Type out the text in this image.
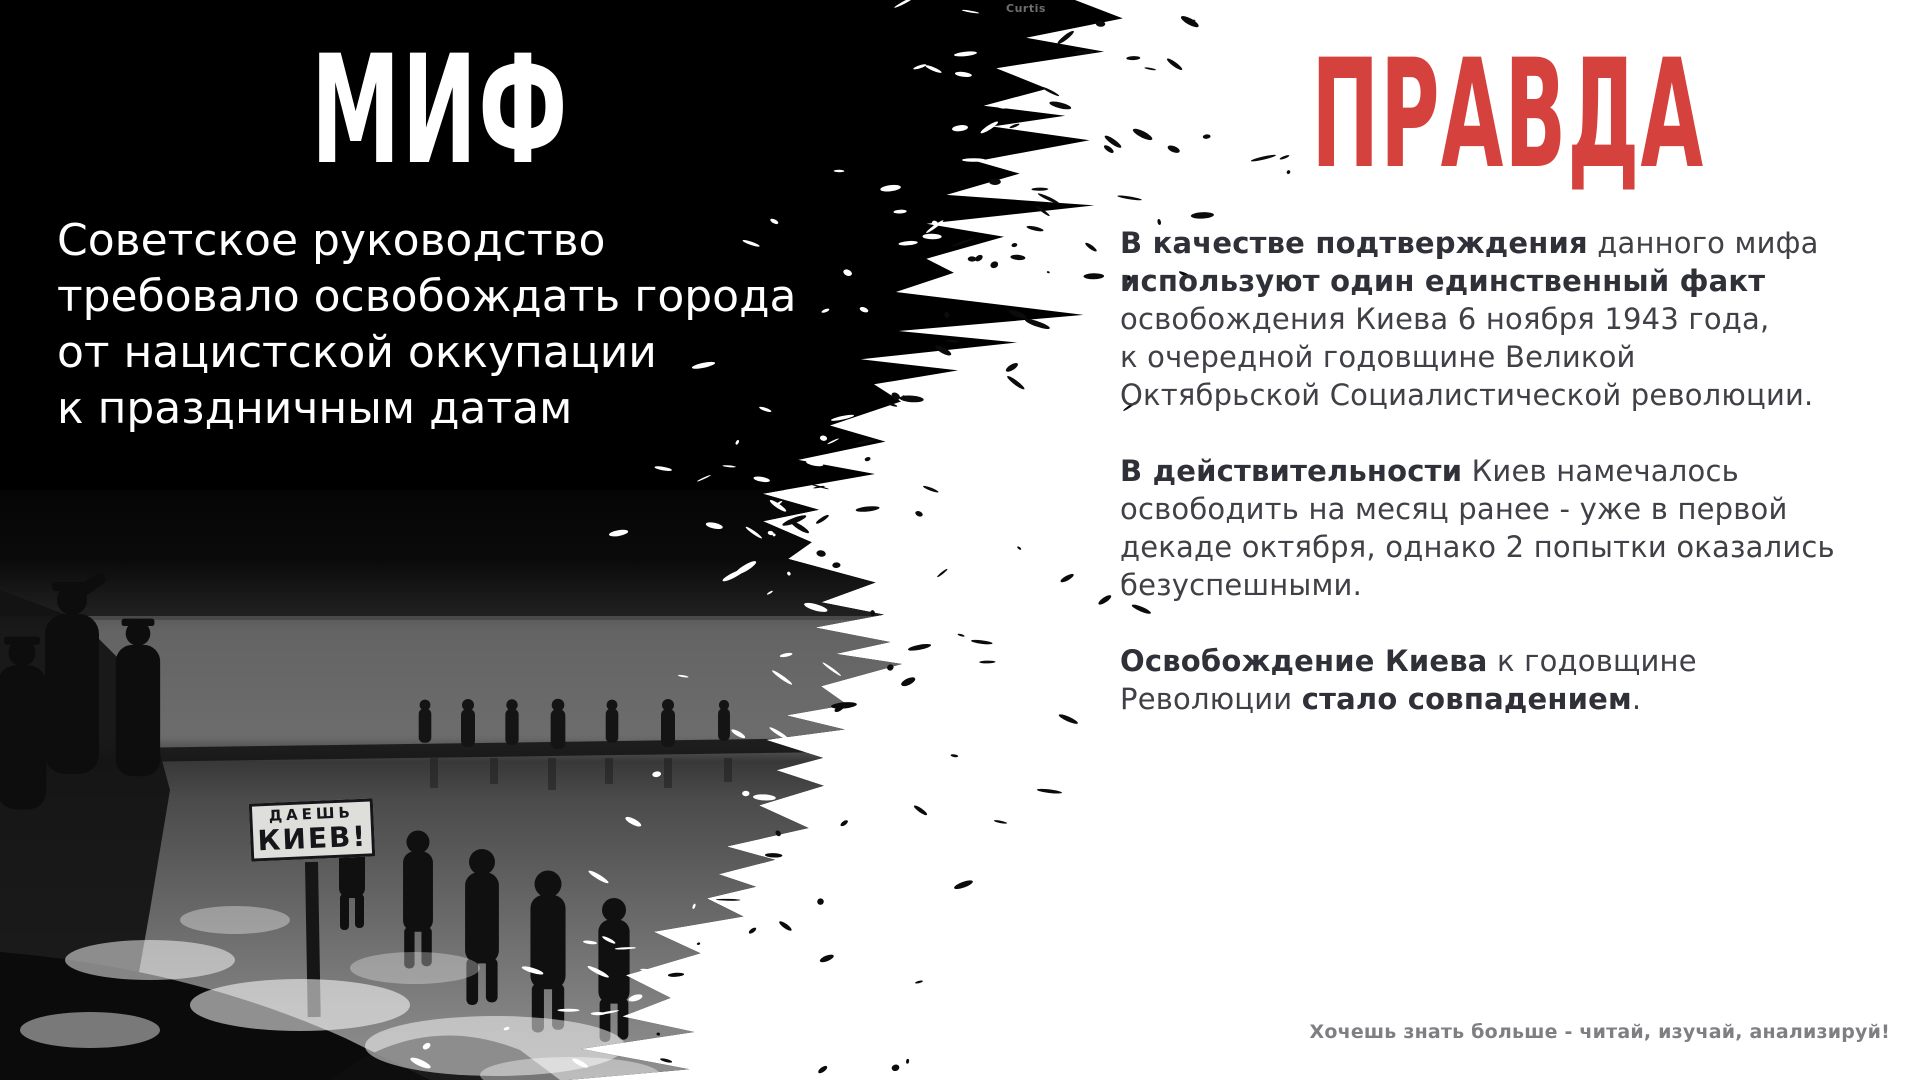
ДАЕШЬ
КИЕВ!
МИФ
Советское руководство
требовало освобождать города
от нацистской оккупации
к праздничным датам
ПРАВДА
В качестве подтверждения данного мифа
используют один единственный факт
освобождения Киева 6 ноября 1943 года,
к очередной годовщине Великой
Октябрьской Социалистической революции.
В действительности Киев намечалось
освободить на месяц ранее - уже в первой
декаде октября, однако 2 попытки оказались
безуспешными.
Освобождение Киева к годовщине
Революции стало совпадением.
Хочешь знать больше - читай, изучай, анализируй!
Curtis
